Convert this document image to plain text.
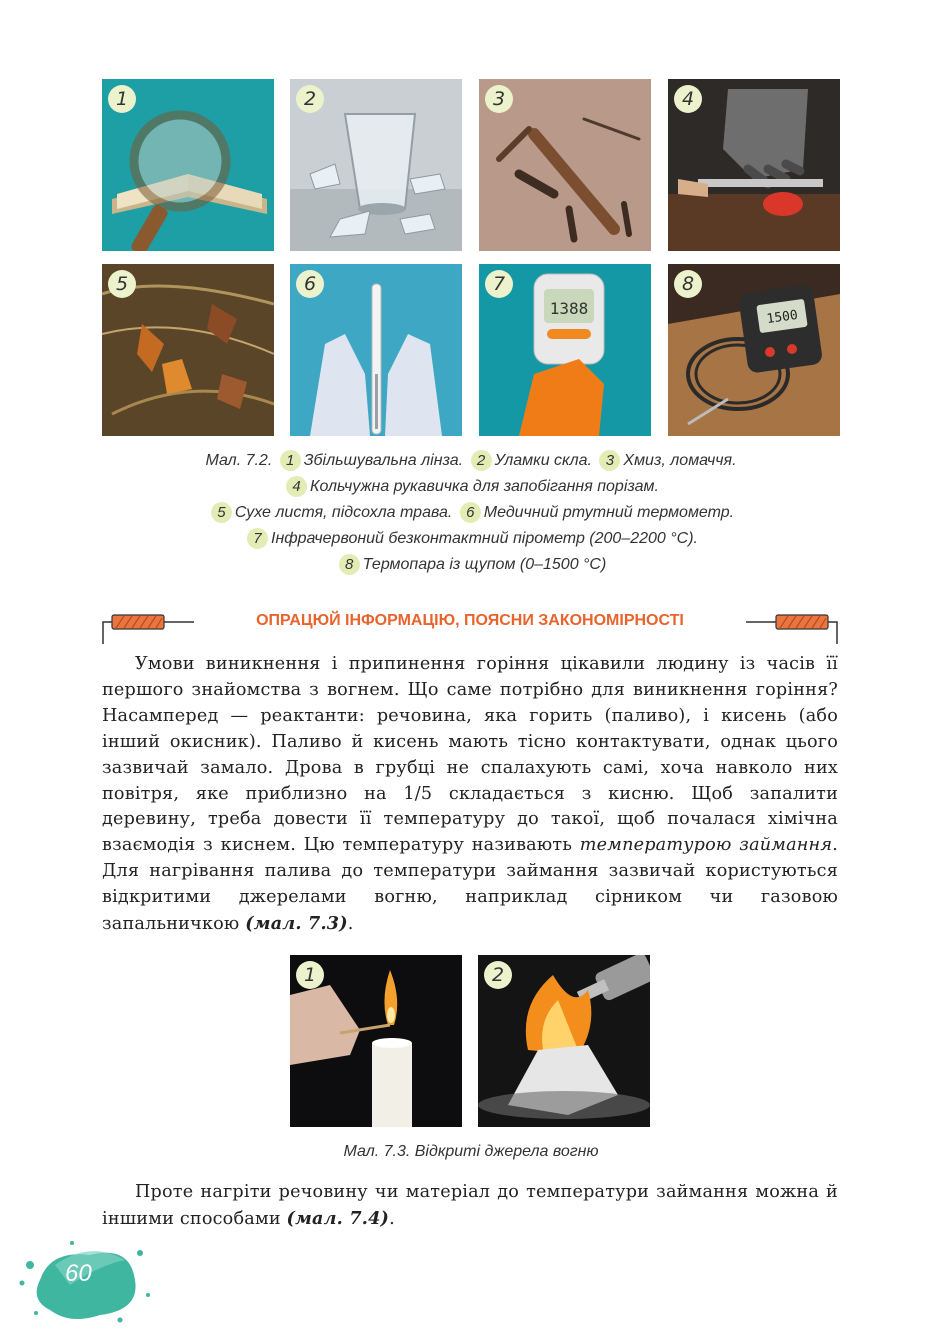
1	2	3	4
5	6
1388
7
1500
8
Мал. 7.2. 1 Збільшувальна лінза. 2 Уламки скла. 3 Хмиз, ломаччя.
4 Кольчужна рукавичка для запобігання порізам.
5 Сухе листя, підсохла трава. 6 Медичний ртутний термометр.
7 Інфрачервоний безконтактний пірометр (200–2200 °C).
8 Термопара із щупом (0–1500 °C)
ОПРАЦЮЙ ІНФОРМАЦІЮ, ПОЯСНИ ЗАКОНОМІРНОСТІ

Умови виникнення і припинення горіння цікавили людину із часів її першого знайомства з вогнем. Що саме потрібно для виникнення горіння? Насамперед — реактанти: речовина, яка горить (паливо), і кисень (або інший окисник). Паливо й кисень мають тісно контактувати, однак цього зазвичай замало. Дрова в грубці не спалахують самі, хоча навколо них повітря, яке приблизно на 1/5 складається з кисню. Щоб запалити деревину, треба довести її температуру до такої, щоб почалася хімічна взаємодія з киснем. Цю температуру називають температурою займання. Для нагрівання палива до температури займання зазвичай користуються відкритими джерелами вогню, наприклад сірником чи газовою запальничкою (мал. 7.3).

1	2
Мал. 7.3. Відкриті джерела вогню

Проте нагріти речовину чи матеріал до температури займання можна й іншими способами (мал. 7.4).

60
